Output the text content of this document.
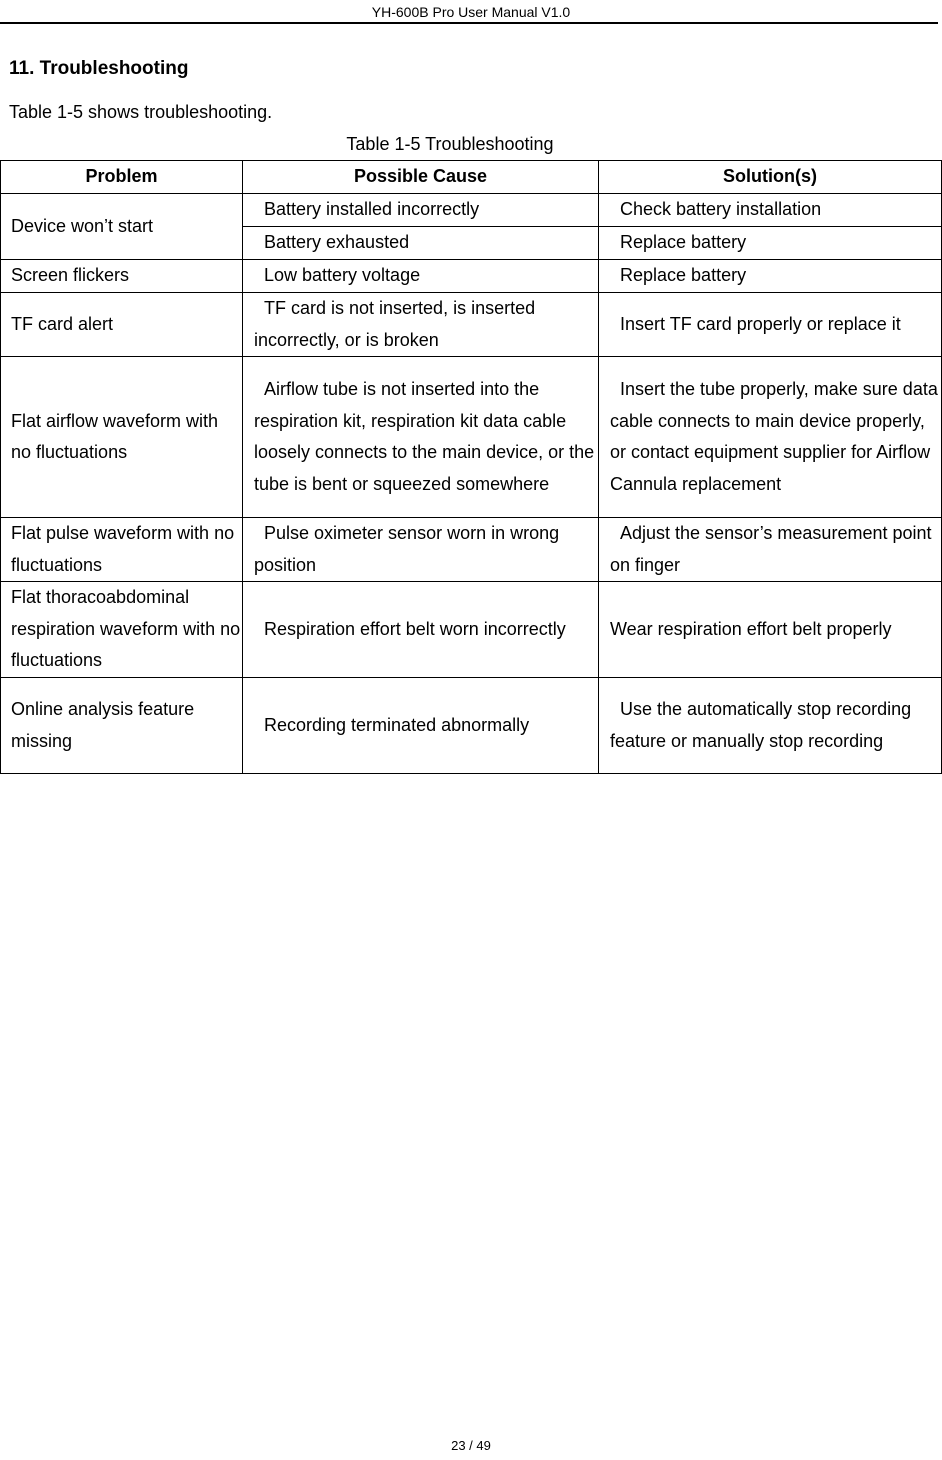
YH-600B Pro User Manual V1.0
11. Troubleshooting
Table 1-5 shows troubleshooting.
Table 1-5 Troubleshooting
Problem	Possible Cause	Solution(s)
Device won’t start	Battery installed incorrectly	Check battery installation
	Battery exhausted	Replace battery
Screen flickers	Low battery voltage	Replace battery
TF card alert	TF card is not inserted, is inserted incorrectly, or is broken	Insert TF card properly or replace it
Flat airflow waveform with no fluctuations	Airflow tube is not inserted into the respiration kit, respiration kit data cable loosely connects to the main device, or the tube is bent or squeezed somewhere	Insert the tube properly, make sure data cable connects to main device properly, or contact equipment supplier for Airflow Cannula replacement
Flat pulse waveform with no fluctuations	Pulse oximeter sensor worn in wrong position	Adjust the sensor’s measurement point on finger
Flat thoracoabdominal respiration waveform with no fluctuations	Respiration effort belt worn incorrectly	Wear respiration effort belt properly
Online analysis feature missing	Recording terminated abnormally	Use the automatically stop recording feature or manually stop recording
23 / 49
